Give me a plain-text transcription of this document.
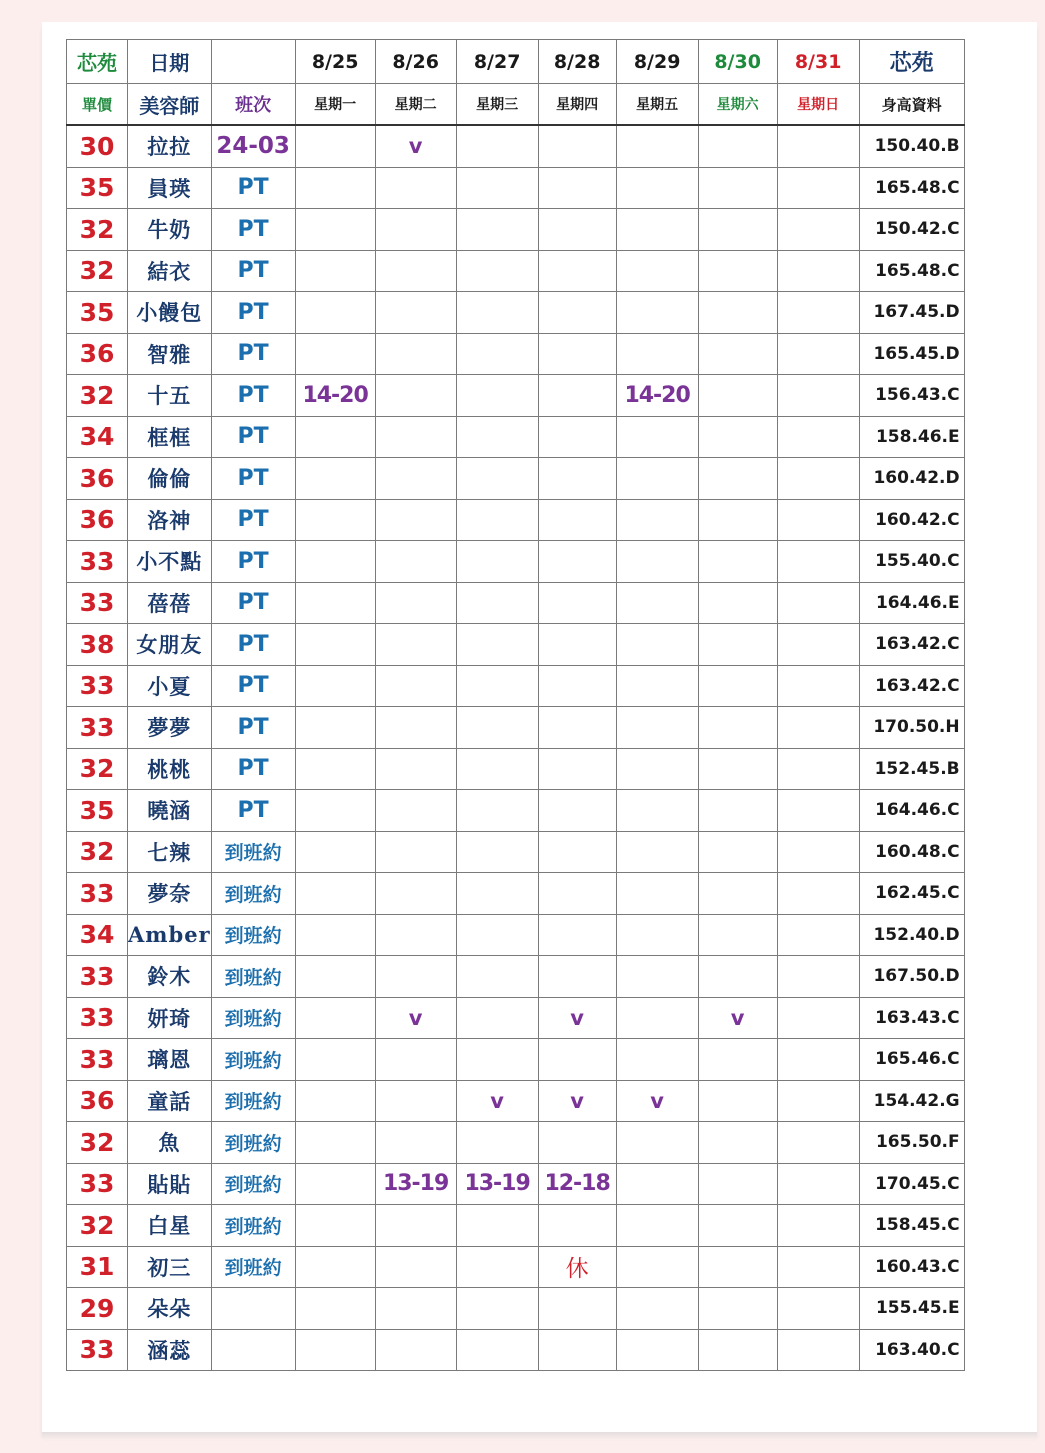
芯苑	日期		8/25	8/26	8/27	8/28	8/29	8/30	8/31	芯苑
單價	美容師	班次	星期一	星期二	星期三	星期四	星期五	星期六	星期日	身高資料
30	拉拉	24-03		v						150.40.B
35	員瑛	PT								165.48.C
32	牛奶	PT								150.42.C
32	結衣	PT								165.48.C
35	小饅包	PT								167.45.D
36	智雅	PT								165.45.D
32	十五	PT	14-20				14-20			156.43.C
34	框框	PT								158.46.E
36	倫倫	PT								160.42.D
36	洛神	PT								160.42.C
33	小不點	PT								155.40.C
33	蓓蓓	PT								164.46.E
38	女朋友	PT								163.42.C
33	小夏	PT								163.42.C
33	夢夢	PT								170.50.H
32	桃桃	PT								152.45.B
35	曉涵	PT								164.46.C
32	七辣	到班約								160.48.C
33	夢奈	到班約								162.45.C
34	Amber	到班約								152.40.D
33	鈴木	到班約								167.50.D
33	妍琦	到班約		v		v		v		163.43.C
33	璃恩	到班約								165.46.C
36	童話	到班約			v	v	v			154.42.G
32	魚	到班約								165.50.F
33	貼貼	到班約		13-19	13-19	12-18				170.45.C
32	白星	到班約								158.45.C
31	初三	到班約				休				160.43.C
29	朵朵									155.45.E
33	涵蕊									163.40.C
